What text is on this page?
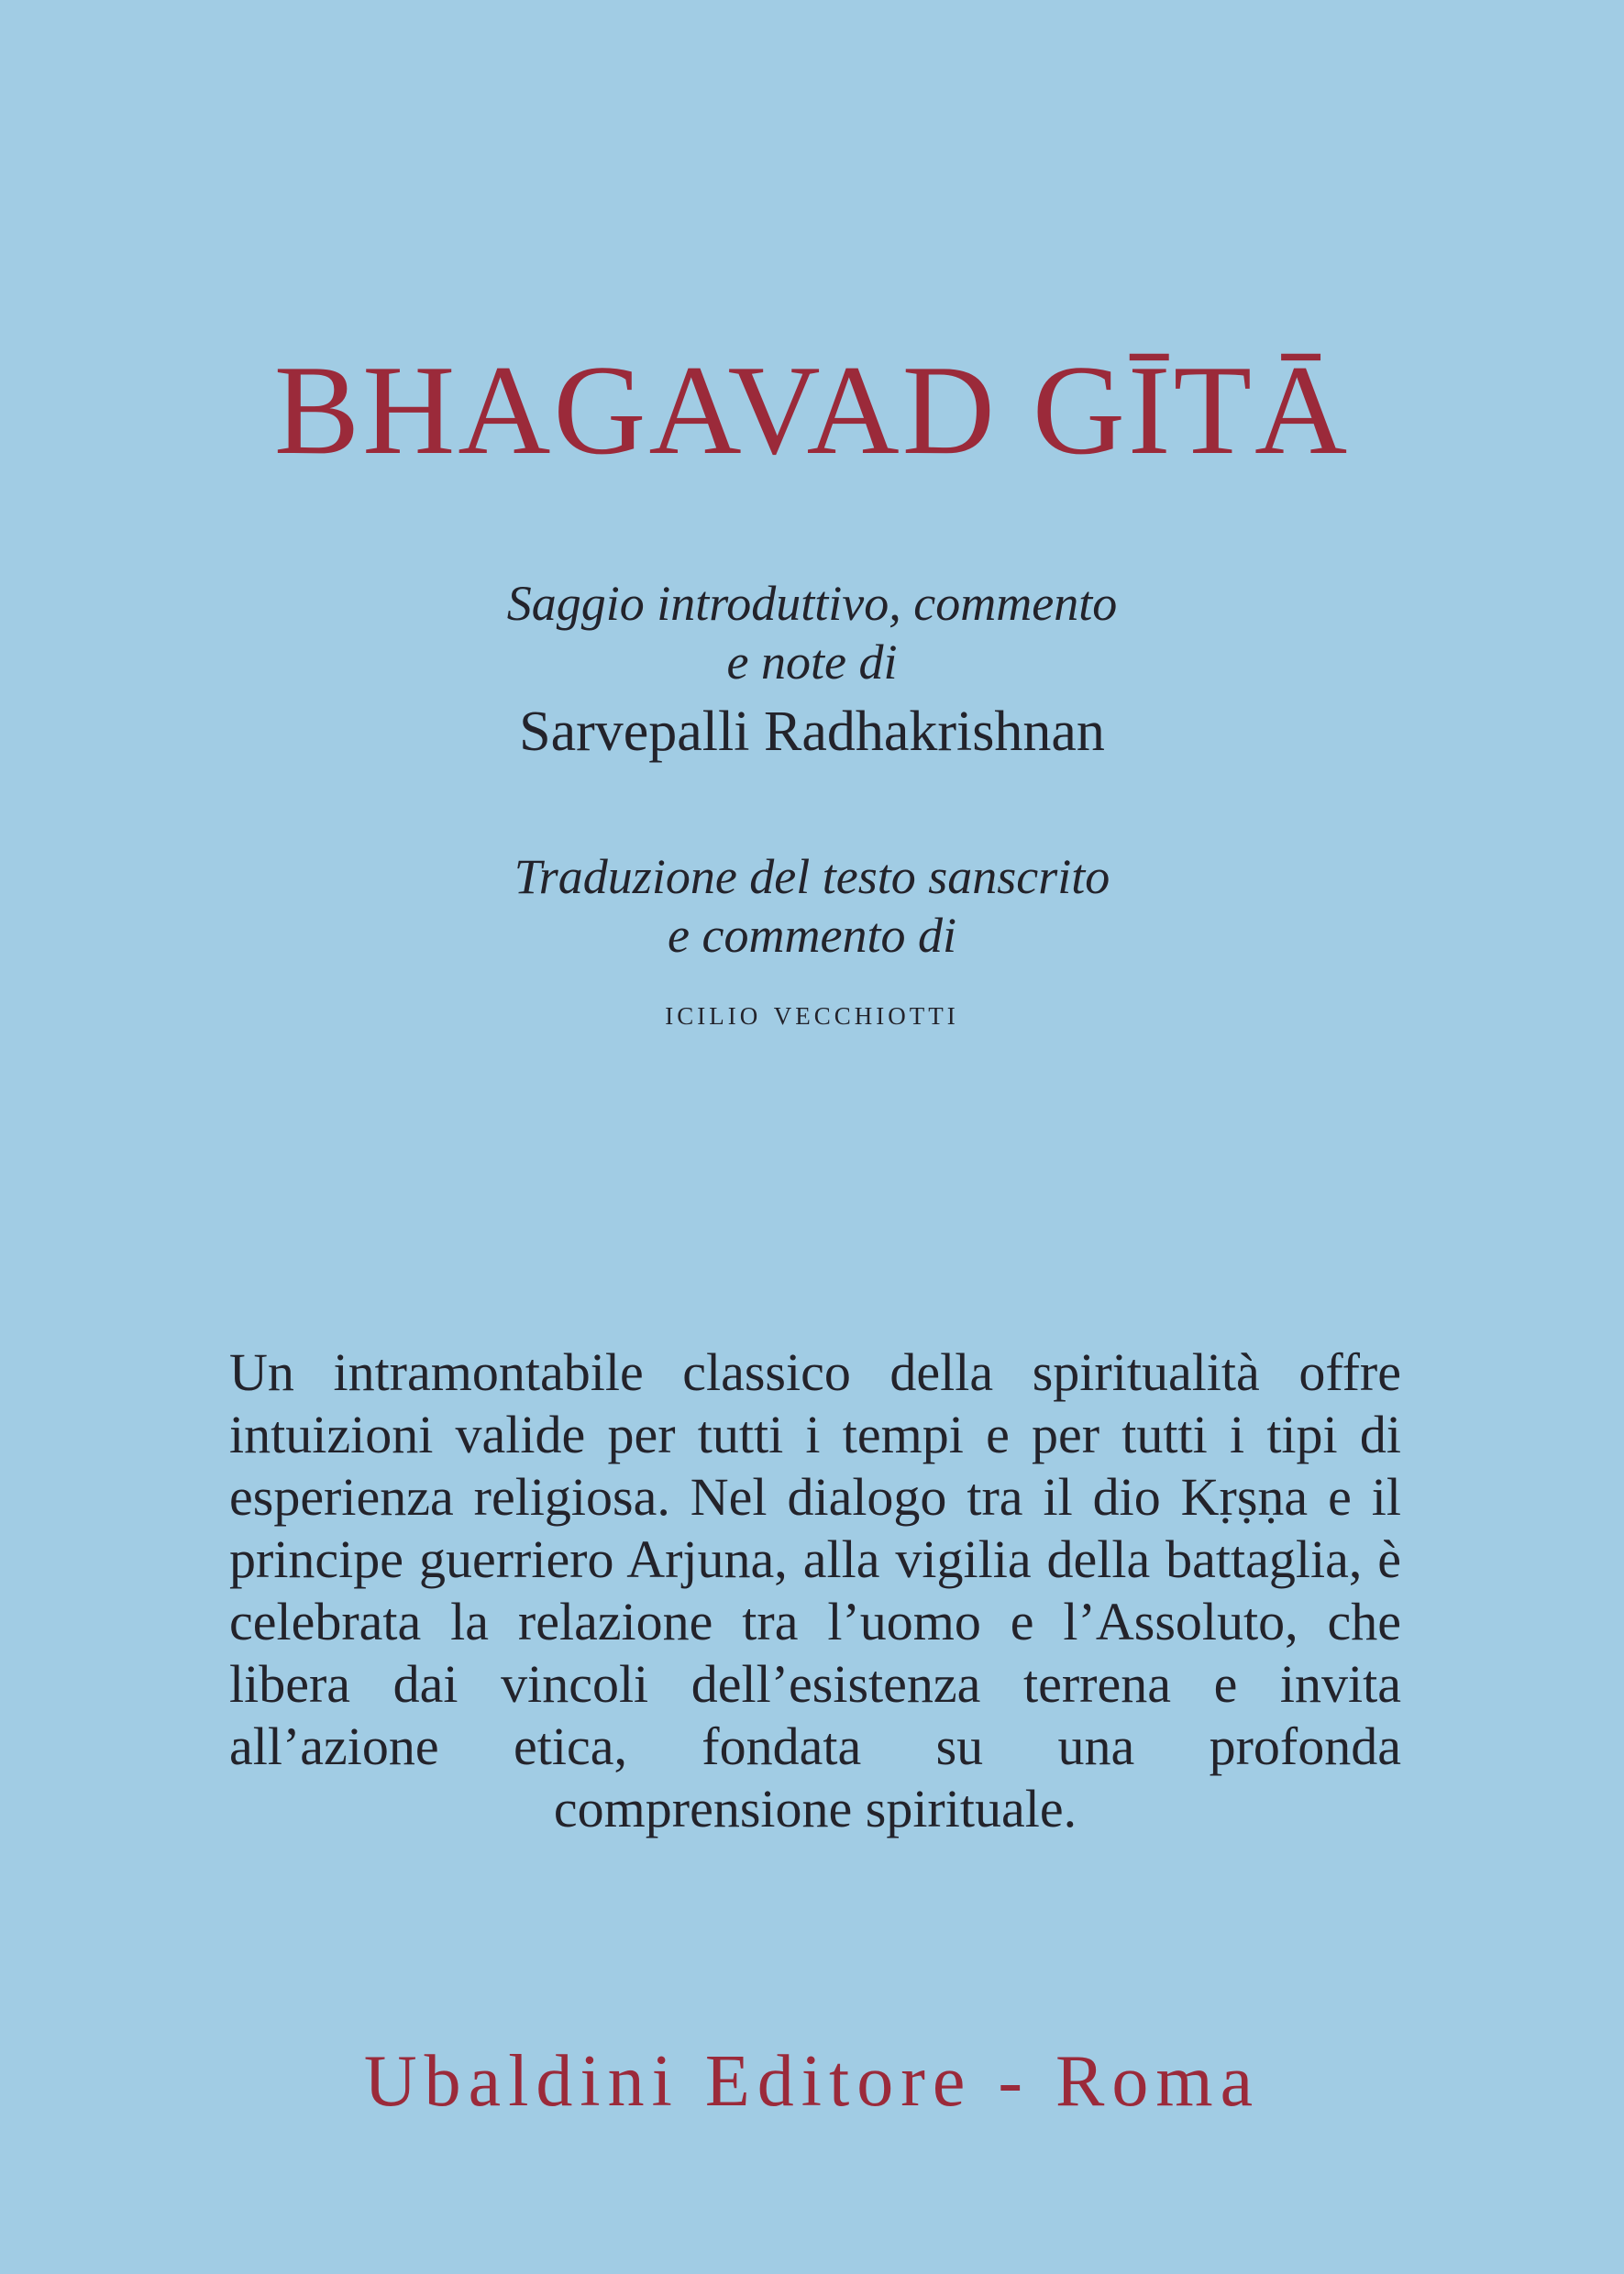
BHAGAVAD GĪTĀ
Saggio introduttivo, commento
e note di
Sarvepalli Radhakrishnan
Traduzione del testo sanscrito
e commento di
icilio vecchiotti
Un intramontabile classico della spiritualità offre intuizioni valide per tutti i tempi e per tutti i tipi di esperienza religiosa. Nel dialogo tra il dio Kṛṣṇa e il principe guerriero Arjuna, alla vigilia della battaglia, è celebrata la relazione tra l’uomo e l’Assoluto, che libera dai vincoli dell’esistenza terrena e invita all’azione etica, fondata su una profonda comprensione spirituale.
Ubaldini Editore - Roma
